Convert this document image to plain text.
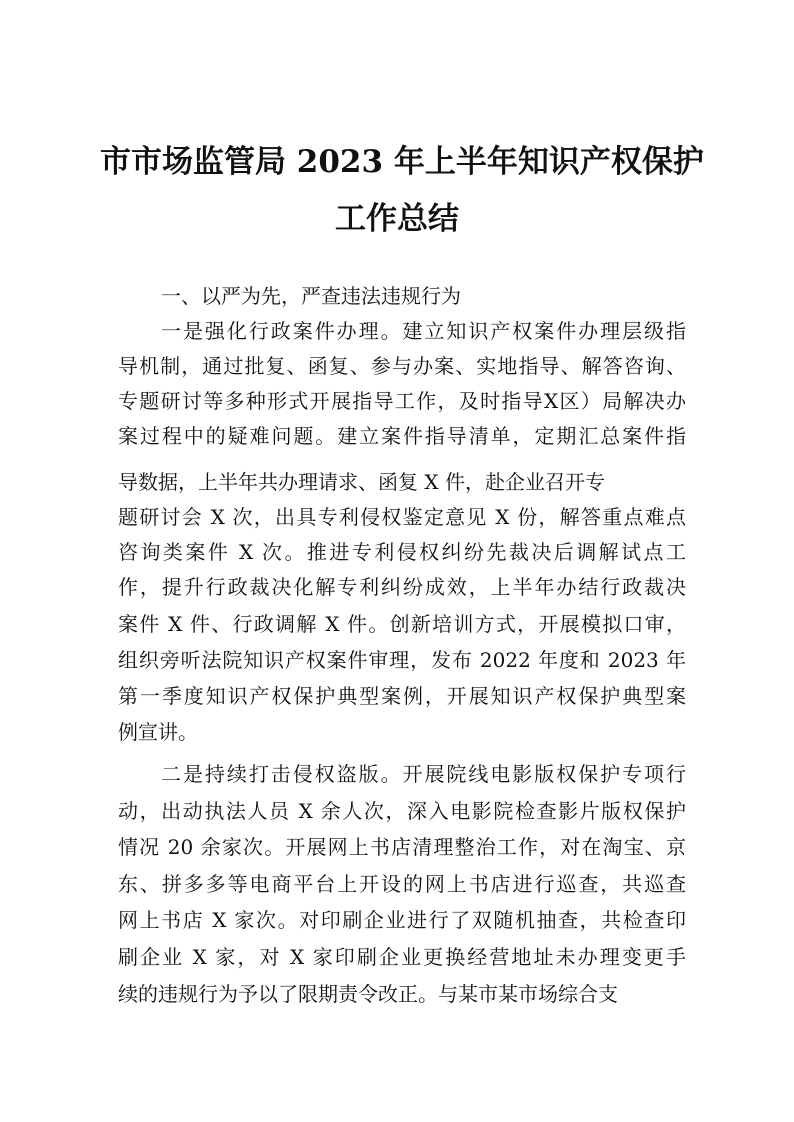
市市场监管局 2023 年上半年知识产权保护
工作总结
一、以严为先，严查违法违规行为
一是强化行政案件办理。建立知识产权案件办理层级指
导机制，通过批复、函复、参与办案、实地指导、解答咨询、
专题研讨等多种形式开展指导工作，及时指导X区）局解决办
案过程中的疑难问题。建立案件指导清单，定期汇总案件指
导数据，上半年共办理请求、函复 X 件，赴企业召开专
题研讨会 X 次，出具专利侵权鉴定意见 X 份，解答重点难点
咨询类案件 X 次。推进专利侵权纠纷先裁决后调解试点工
作，提升行政裁决化解专利纠纷成效，上半年办结行政裁决
案件 X 件、行政调解 X 件。创新培训方式，开展模拟口审，
组织旁听法院知识产权案件审理，发布 2022 年度和 2023 年
第一季度知识产权保护典型案例，开展知识产权保护典型案
例宣讲。
二是持续打击侵权盗版。开展院线电影版权保护专项行
动，出动执法人员 X 余人次，深入电影院检查影片版权保护
情况 20 余家次。开展网上书店清理整治工作，对在淘宝、京
东、拼多多等电商平台上开设的网上书店进行巡查，共巡查
网上书店 X 家次。对印刷企业进行了双随机抽查，共检查印
刷企业 X 家，对 X 家印刷企业更换经营地址未办理变更手
续的违规行为予以了限期责令改正。与某市某市场综合支
